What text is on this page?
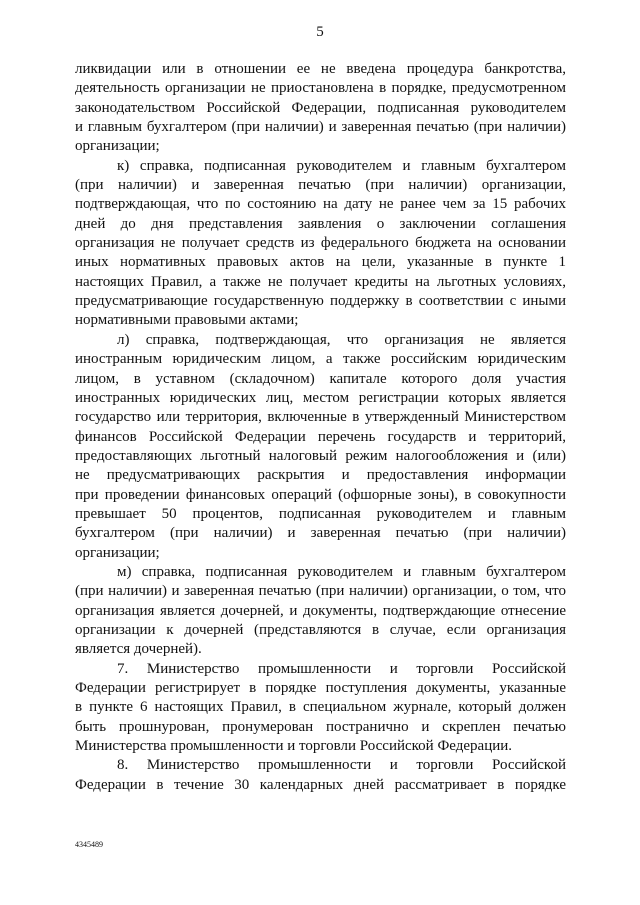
5
ликвидации или в отношении ее не введена процедура банкротства,
деятельность организации не приостановлена в порядке, предусмотренном
законодательством Российской Федерации, подписанная руководителем
и главным бухгалтером (при наличии) и заверенная печатью (при наличии)
организации;
к) справка, подписанная руководителем и главным бухгалтером
(при наличии) и заверенная печатью (при наличии) организации,
подтверждающая, что по состоянию на дату не ранее чем за 15 рабочих
дней до дня представления заявления о заключении соглашения
организация не получает средств из федерального бюджета на основании
иных нормативных правовых актов на цели, указанные в пункте 1
настоящих Правил, а также не получает кредиты на льготных условиях,
предусматривающие государственную поддержку в соответствии с иными
нормативными правовыми актами;
л) справка, подтверждающая, что организация не является
иностранным юридическим лицом, а также российским юридическим
лицом, в уставном (складочном) капитале которого доля участия
иностранных юридических лиц, местом регистрации которых является
государство или территория, включенные в утвержденный Министерством
финансов Российской Федерации перечень государств и территорий,
предоставляющих льготный налоговый режим налогообложения и (или)
не предусматривающих раскрытия и предоставления информации
при проведении финансовых операций (офшорные зоны), в совокупности
превышает 50 процентов, подписанная руководителем и главным
бухгалтером (при наличии) и заверенная печатью (при наличии)
организации;
м) справка, подписанная руководителем и главным бухгалтером
(при наличии) и заверенная печатью (при наличии) организации, о том, что
организация является дочерней, и документы, подтверждающие отнесение
организации к дочерней (представляются в случае, если организация
является дочерней).
7. Министерство промышленности и торговли Российской
Федерации регистрирует в порядке поступления документы, указанные
в пункте 6 настоящих Правил, в специальном журнале, который должен
быть прошнурован, пронумерован постранично и скреплен печатью
Министерства промышленности и торговли Российской Федерации.
8. Министерство промышленности и торговли Российской
Федерации в течение 30 календарных дней рассматривает в порядке
4345489
